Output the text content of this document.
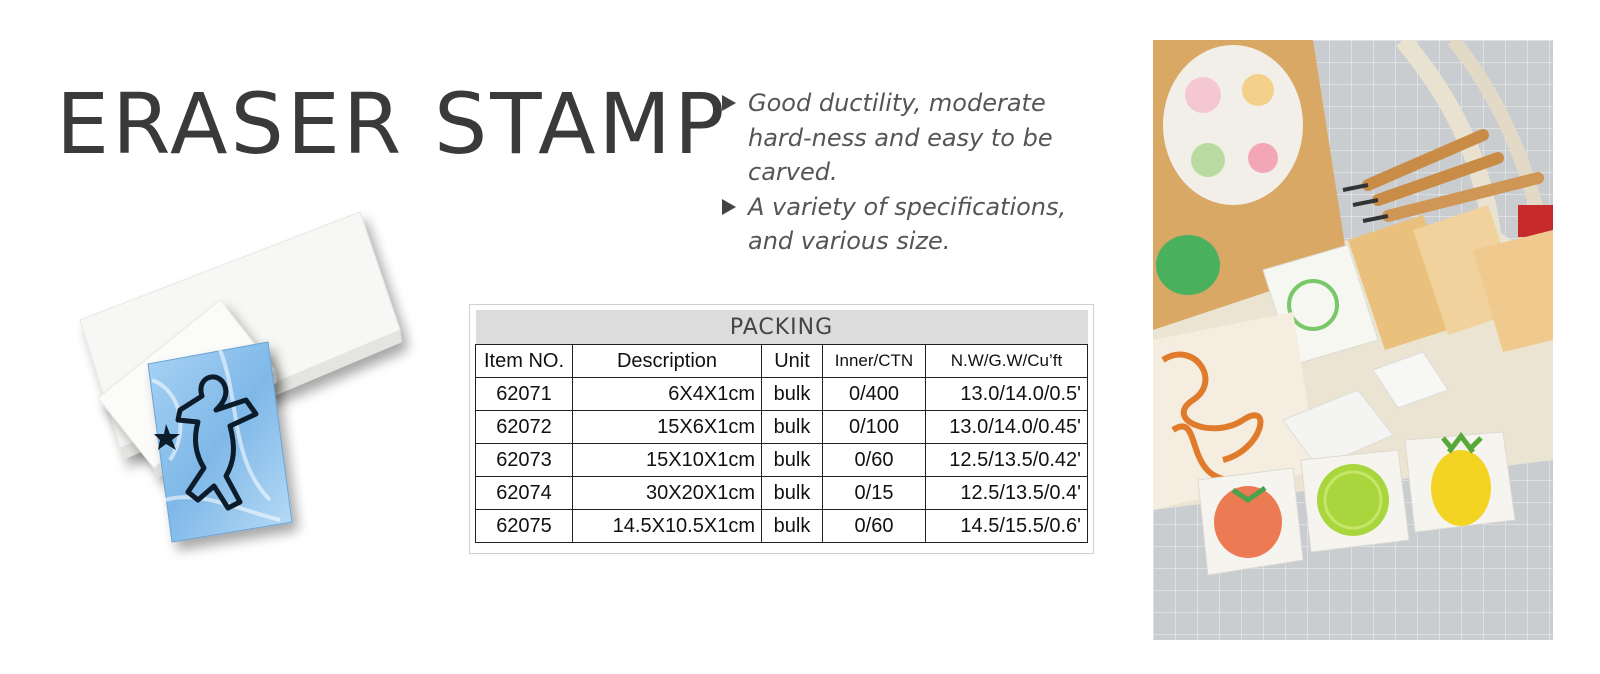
ERASER STAMP Good ductility, moderate hard-ness and easy to be carved.
A variety of specifications, and various size.
PACKING				
Item NO.	Description	Unit	Inner/CTN	N.W/G.W/Cu’ft
62071	6X4X1cm	bulk	0/400	13.0/14.0/0.5'
62072	15X6X1cm	bulk	0/100	13.0/14.0/0.45'
62073	15X10X1cm	bulk	0/60	12.5/13.5/0.42'
62074	30X20X1cm	bulk	0/15	12.5/13.5/0.4'
62075	14.5X10.5X1cm	bulk	0/60	14.5/15.5/0.6'
